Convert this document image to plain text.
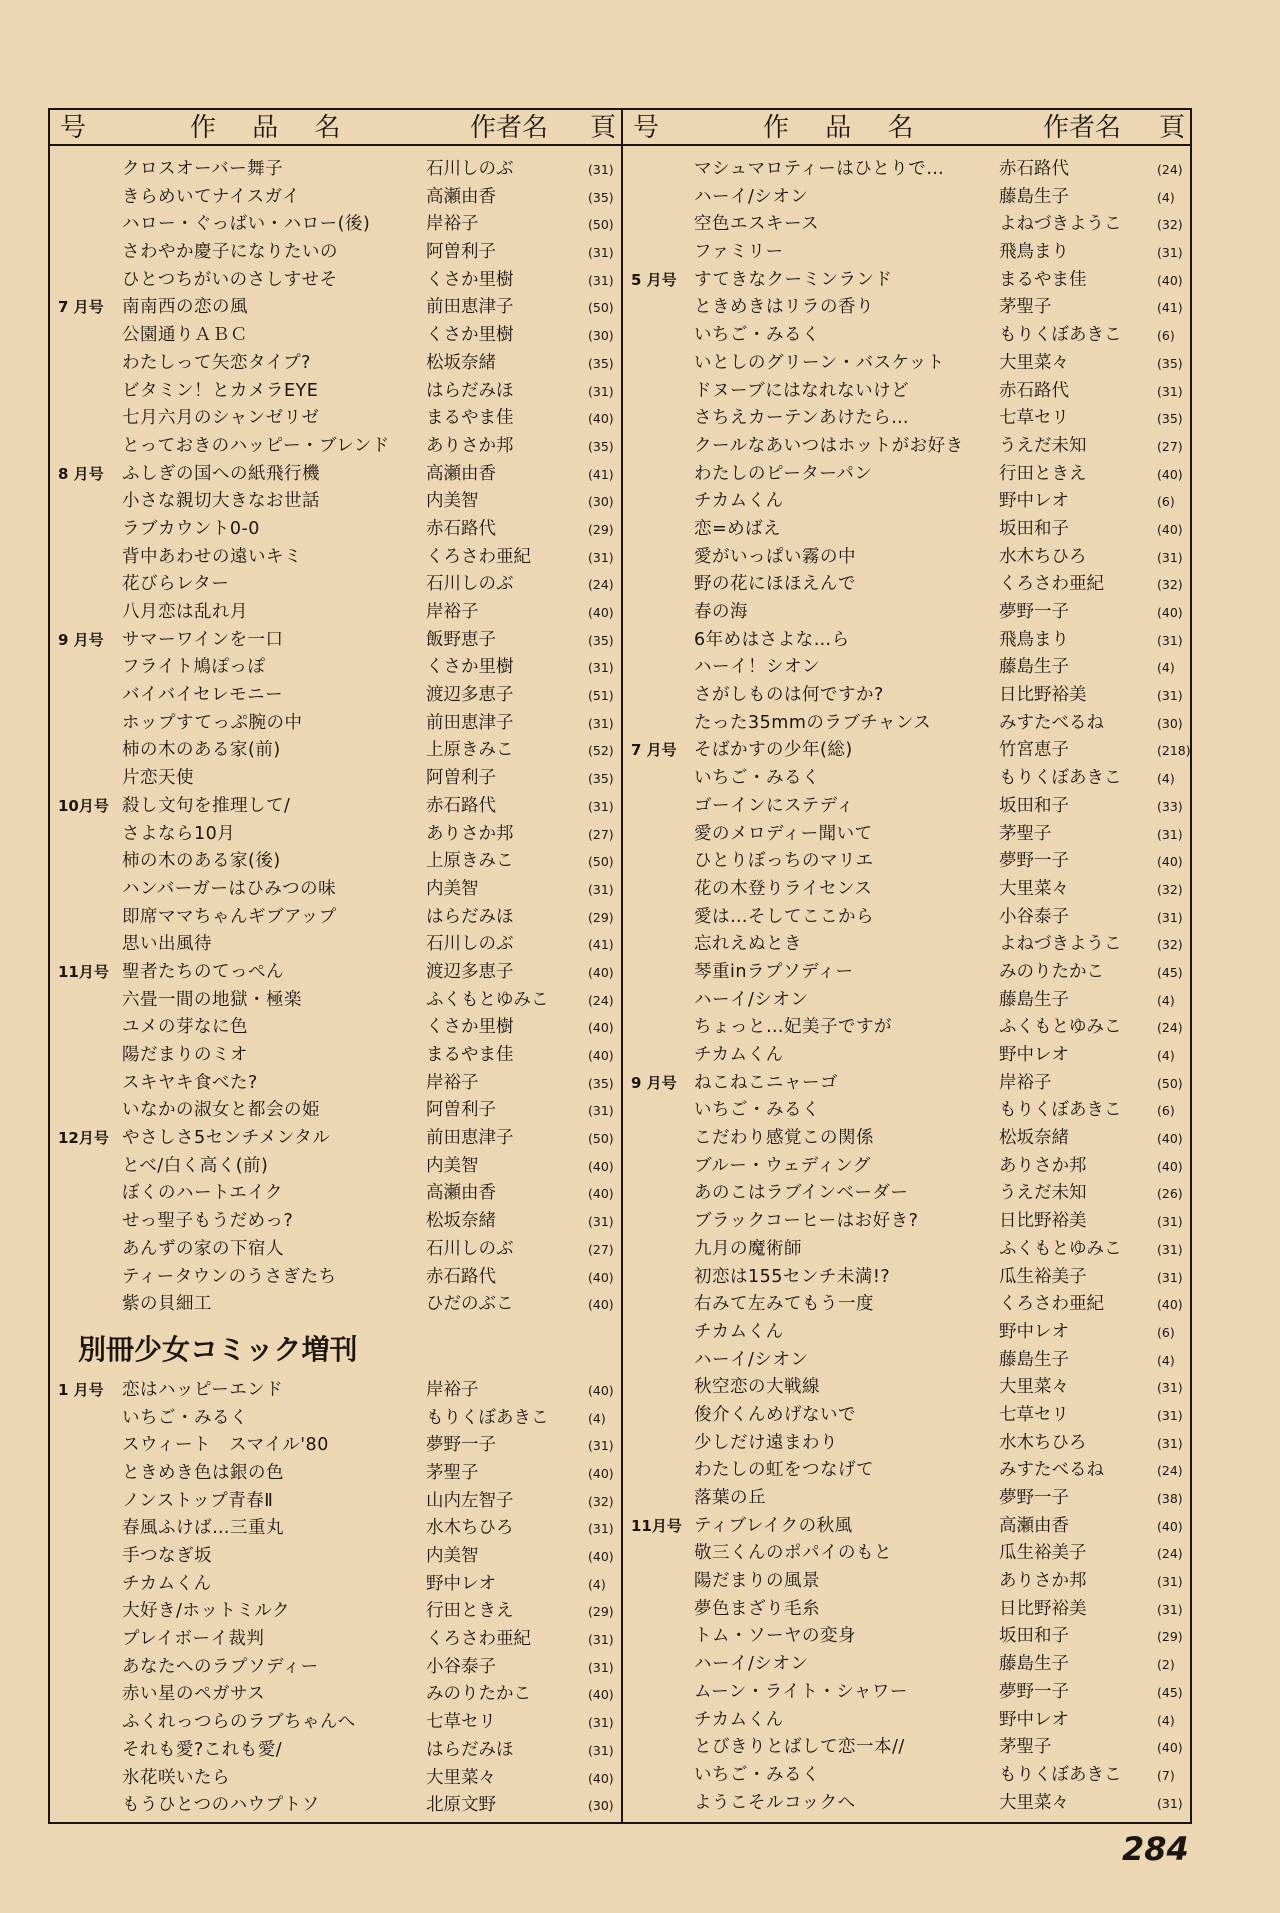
号	作 品 名	作者名 頁 号	作 品 名	作者名 頁
クロスオーバー舞子	石川しのぶ	(31)
きらめいてナイスガイ	高瀬由香	(35)
ハロー・ぐっばい・ハロー(後)	岸裕子	(50)
さわやか慶子になりたいの	阿曽利子	(31)
ひとつちがいのさしすせそ	くさか里樹	(31)
7 月号 南南西の恋の風	前田恵津子	(50)
公園通りＡＢＣ	くさか里樹	(30)
わたしって矢恋タイプ?	松坂奈緒	(35)
ビタミン！とカメラEYE	はらだみほ	(31)
七月六月のシャンゼリゼ	まるやま佳	(40)
とっておきのハッピー・ブレンド ありさか邦	(35)
8 月号 ふしぎの国への紙飛行機	高瀬由香	(41)
小さな親切大きなお世話	内美智	(30)
ラブカウント0-0	赤石路代	(29)
背中あわせの遠いキミ	くろさわ亜紀	(31)
花びらレター	石川しのぶ	(24)
八月恋は乱れ月	岸裕子	(40)
9 月号 サマーワインを一口	飯野恵子	(35)
フライト鳩ぽっぽ	くさか里樹	(31)
バイバイセレモニー	渡辺多恵子	(51)
ホップすてっぷ腕の中	前田恵津子	(31)
柿の木のある家(前)	上原きみこ	(52)
片恋天使	阿曽利子	(35)
10月号 殺し文句を推理して/	赤石路代	(31)
さよなら10月	ありさか邦	(27)
柿の木のある家(後)	上原きみこ	(50)
ハンバーガーはひみつの味	内美智	(31)
即席ママちゃんギブアップ	はらだみほ	(29)
思い出風待	石川しのぶ	(41)
11月号 聖者たちのてっぺん	渡辺多恵子	(40)
六畳一間の地獄・極楽	ふくもとゆみこ	(24)
ユメの芽なに色	くさか里樹	(40)
陽だまりのミオ	まるやま佳	(40)
スキヤキ食べた?	岸裕子	(35)
いなかの淑女と都会の姫	阿曽利子	(31)
12月号 やさしさ5センチメンタル	前田恵津子	(50)
とべ/白く高く(前)	内美智	(40)
ぼくのハートエイク	高瀬由香	(40)
せっ聖子もうだめっ?	松坂奈緒	(31)
あんずの家の下宿人	石川しのぶ	(27)
ティータウンのうさぎたち	赤石路代	(40)
紫の貝細工	ひだのぶこ	(40)
別冊少女コミック増刊
1 月号 恋はハッピーエンド	岸裕子	(40)
いちご・みるく	もりくぼあきこ	(4)
スウィート　スマイル'80	夢野一子	(31)
ときめき色は銀の色	茅聖子	(40)
ノンストップ青春Ⅱ	山内左智子	(32)
春風ふけば…三重丸	水木ちひろ	(31)
手つなぎ坂	内美智	(40)
チカムくん	野中レオ	(4)
大好き/ホットミルク	行田ときえ	(29)
プレイボーイ裁判	くろさわ亜紀	(31)
あなたへのラプソディー	小谷泰子	(31)
赤い星のペガサス	みのりたかこ	(40)
ふくれっつらのラブちゃんへ	七草セリ	(31)
それも愛?これも愛/	はらだみほ	(31)
氷花咲いたら	大里菜々	(40)
もうひとつのハウプトソ	北原文野	(30)
マシュマロティーはひとりで…	赤石路代	(24)
ハーイ/シオン	藤島生子	(4)
空色エスキース	よねづきようこ	(32)
ファミリー	飛鳥まり	(31)
5 月号 すてきなクーミンランド	まるやま佳	(40)
ときめきはリラの香り	茅聖子	(41)
いちご・みるく	もりくぼあきこ	(6)
いとしのグリーン・バスケット	大里菜々	(35)
ドヌーブにはなれないけど	赤石路代	(31)
さちえカーテンあけたら…	七草セリ	(35)
クールなあいつはホットがお好き うえだ未知	(27)
わたしのピーターパン	行田ときえ	(40)
チカムくん	野中レオ	(6)
恋=めばえ	坂田和子	(40)
愛がいっぱい霧の中	水木ちひろ	(31)
野の花にほほえんで	くろさわ亜紀	(32)
春の海	夢野一子	(40)
6年めはさよな…ら	飛鳥まり	(31)
ハーイ！シオン	藤島生子	(4)
さがしものは何ですか?	日比野裕美	(31)
たった35mmのラブチャンス	みすたべるね	(30)
7 月号 そばかすの少年(総)	竹宮恵子	(218)
いちご・みるく	もりくぼあきこ	(4)
ゴーインにステディ	坂田和子	(33)
愛のメロディー聞いて	茅聖子	(31)
ひとりぼっちのマリエ	夢野一子	(40)
花の木登りライセンス	大里菜々	(32)
愛は…そしてここから	小谷泰子	(31)
忘れえぬとき	よねづきようこ	(32)
琴重inラプソディー	みのりたかこ	(45)
ハーイ/シオン	藤島生子	(4)
ちょっと…妃美子ですが	ふくもとゆみこ	(24)
チカムくん	野中レオ	(4)
9 月号 ねこねこニャーゴ	岸裕子	(50)
いちご・みるく	もりくぼあきこ	(6)
こだわり感覚この関係	松坂奈緒	(40)
ブルー・ウェディング	ありさか邦	(40)
あのこはラブインベーダー	うえだ未知	(26)
ブラックコーヒーはお好き?	日比野裕美	(31)
九月の魔術師	ふくもとゆみこ	(31)
初恋は155センチ未満!?	瓜生裕美子	(31)
右みて左みてもう一度	くろさわ亜紀	(40)
チカムくん	野中レオ	(6)
ハーイ/シオン	藤島生子	(4)
秋空恋の大戦線	大里菜々	(31)
俊介くんめげないで	七草セリ	(31)
少しだけ遠まわり	水木ちひろ	(31)
わたしの虹をつなげて	みすたべるね	(24)
落葉の丘	夢野一子	(38)
11月号 ティブレイクの秋風	高瀬由香	(40)
敬三くんのポパイのもと	瓜生裕美子	(24)
陽だまりの風景	ありさか邦	(31)
夢色まざり毛糸	日比野裕美	(31)
トム・ソーヤの変身	坂田和子	(29)
ハーイ/シオン	藤島生子	(2)
ムーン・ライト・シャワー	夢野一子	(45)
チカムくん	野中レオ	(4)
とびきりとばして恋一本//	茅聖子	(40)
いちご・みるく	もりくぼあきこ	(7)
ようこそルコックへ	大里菜々	(31)
284
